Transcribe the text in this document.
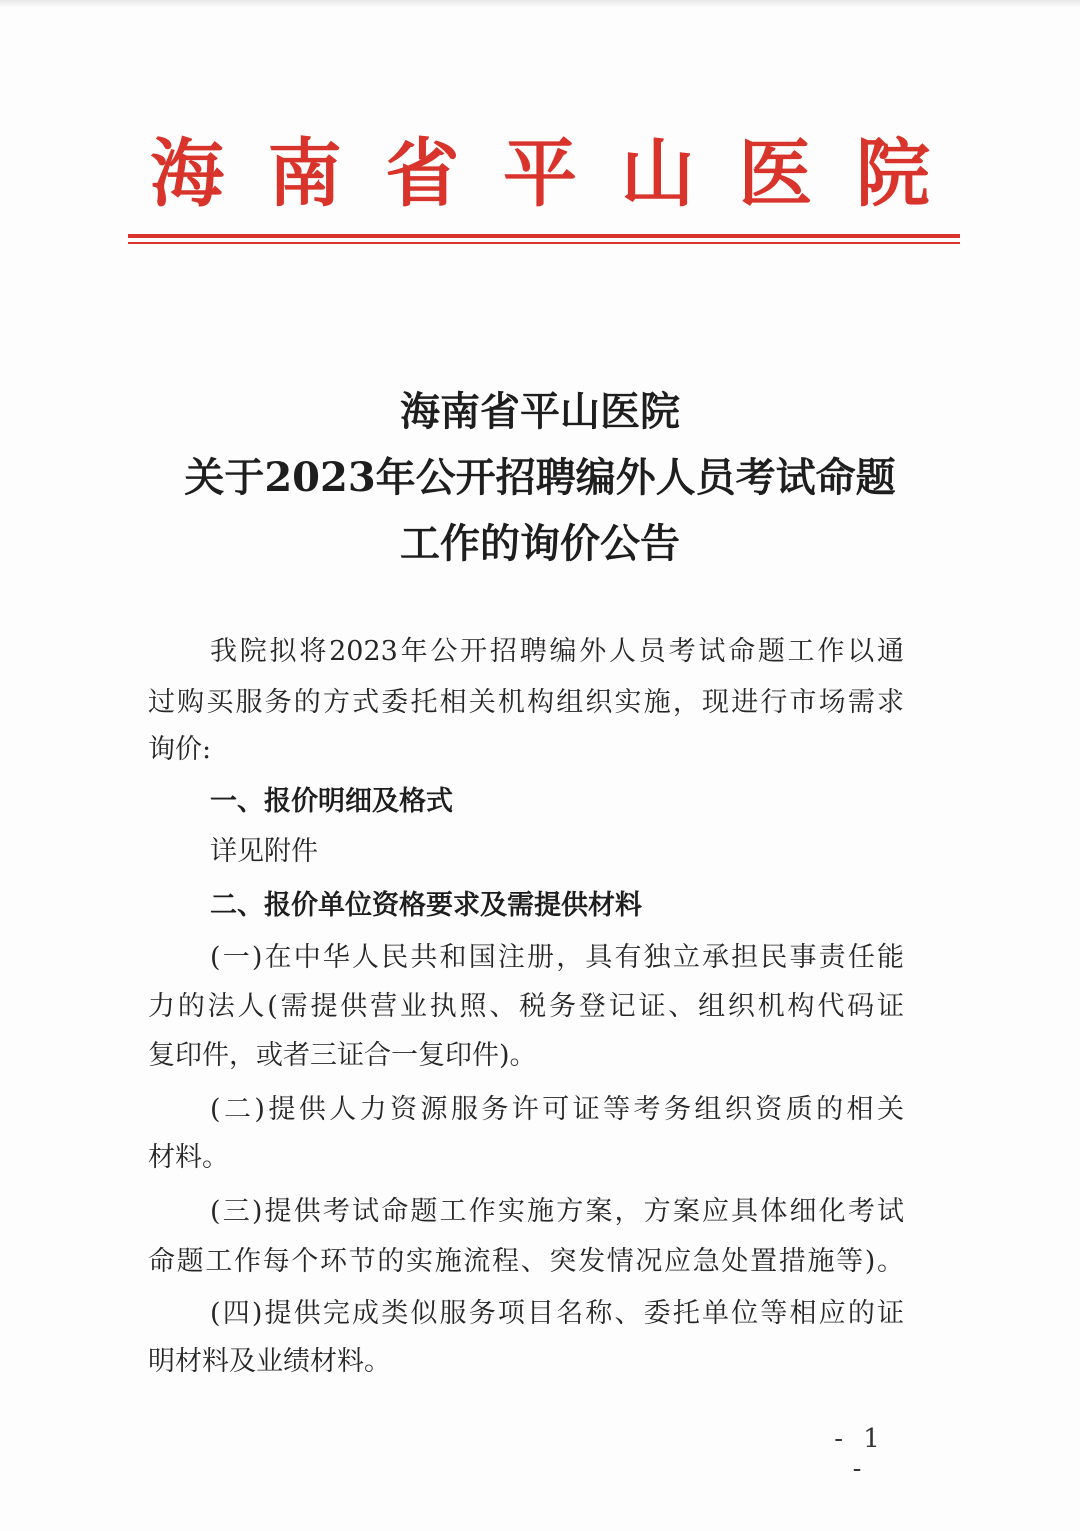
海 南 省 平 山 医 院
海南省平山医院
关于2023年公开招聘编外人员考试命题
工作的询价公告
我院拟将2023年公开招聘编外人员考试命题工作以通
过购买服务的方式委托相关机构组织实施，现进行市场需求
询价:
一、报价明细及格式
详见附件
二、报价单位资格要求及需提供材料
(一)在中华人民共和国注册，具有独立承担民事责任能
力的法人(需提供营业执照、税务登记证、组织机构代码证
复印件，或者三证合一复印件)。
(二)提供人力资源服务许可证等考务组织资质的相关
材料。
(三)提供考试命题工作实施方案，方案应具体细化考试
命题工作每个环节的实施流程、突发情况应急处置措施等)。
(四)提供完成类似服务项目名称、委托单位等相应的证
明材料及业绩材料。
- 1 -
